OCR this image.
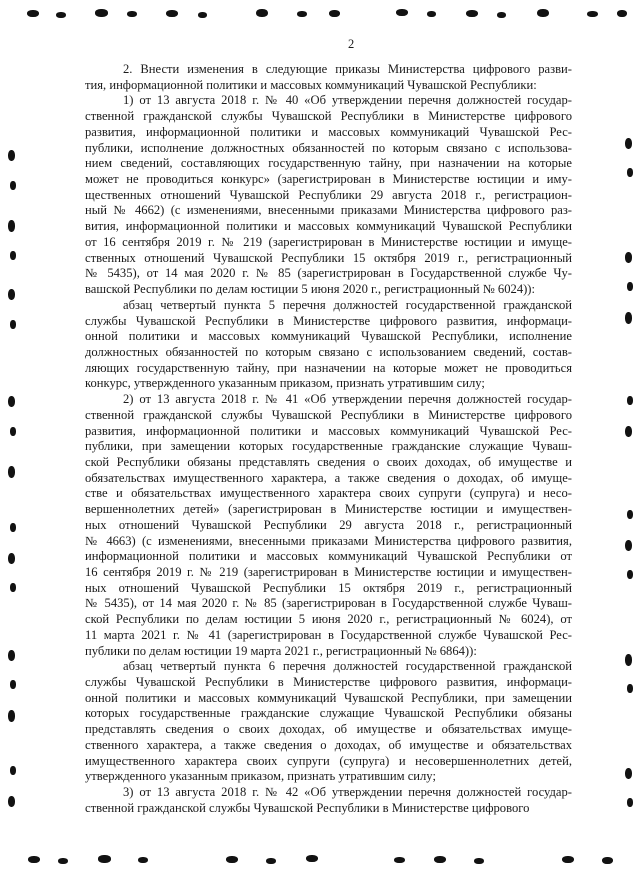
2
2. Внести изменения в следующие приказы Министерства цифрового разви-
тия, информационной политики и массовых коммуникаций Чувашской Республики:
1) от 13 августа 2018 г. № 40 «Об утверждении перечня должностей государ-
ственной гражданской службы Чувашской Республики в Министерстве цифрового
развития, информационной политики и массовых коммуникаций Чувашской Рес-
публики, исполнение должностных обязанностей по которым связано с использова-
нием сведений, составляющих государственную тайну, при назначении на которые
может не проводиться конкурс» (зарегистрирован в Министерстве юстиции и иму-
щественных отношений Чувашской Республики 29 августа 2018 г., регистрацион-
ный № 4662) (с изменениями, внесенными приказами Министерства цифрового раз-
вития, информационной политики и массовых коммуникаций Чувашской Республики
от 16 сентября 2019 г. № 219 (зарегистрирован в Министерстве юстиции и имуще-
ственных отношений Чувашской Республики 15 октября 2019 г., регистрационный
№ 5435), от 14 мая 2020 г. № 85 (зарегистрирован в Государственной службе Чу-
вашской Республики по делам юстиции 5 июня 2020 г., регистрационный № 6024)):
абзац четвертый пункта 5 перечня должностей государственной гражданской
службы Чувашской Республики в Министерстве цифрового развития, информаци-
онной политики и массовых коммуникаций Чувашской Республики, исполнение
должностных обязанностей по которым связано с использованием сведений, состав-
ляющих государственную тайну, при назначении на которые может не проводиться
конкурс, утвержденного указанным приказом, признать утратившим силу;
2) от 13 августа 2018 г. № 41 «Об утверждении перечня должностей государ-
ственной гражданской службы Чувашской Республики в Министерстве цифрового
развития, информационной политики и массовых коммуникаций Чувашской Рес-
публики, при замещении которых государственные гражданские служащие Чуваш-
ской Республики обязаны представлять сведения о своих доходах, об имуществе и
обязательствах имущественного характера, а также сведения о доходах, об имуще-
стве и обязательствах имущественного характера своих супруги (супруга) и несо-
вершеннолетних детей» (зарегистрирован в Министерстве юстиции и имуществен-
ных отношений Чувашской Республики 29 августа 2018 г., регистрационный
№ 4663) (с изменениями, внесенными приказами Министерства цифрового развития,
информационной политики и массовых коммуникаций Чувашской Республики от
16 сентября 2019 г. № 219 (зарегистрирован в Министерстве юстиции и имуществен-
ных отношений Чувашской Республики 15 октября 2019 г., регистрационный
№ 5435), от 14 мая 2020 г. № 85 (зарегистрирован в Государственной службе Чуваш-
ской Республики по делам юстиции 5 июня 2020 г., регистрационный № 6024), от
11 марта 2021 г. № 41 (зарегистрирован в Государственной службе Чувашской Рес-
публики по делам юстиции 19 марта 2021 г., регистрационный № 6864)):
абзац четвертый пункта 6 перечня должностей государственной гражданской
службы Чувашской Республики в Министерстве цифрового развития, информаци-
онной политики и массовых коммуникаций Чувашской Республики, при замещении
которых государственные гражданские служащие Чувашской Республики обязаны
представлять сведения о своих доходах, об имуществе и обязательствах имуще-
ственного характера, а также сведения о доходах, об имуществе и обязательствах
имущественного характера своих супруги (супруга) и несовершеннолетних детей,
утвержденного указанным приказом, признать утратившим силу;
3) от 13 августа 2018 г. № 42 «Об утверждении перечня должностей государ-
ственной гражданской службы Чувашской Республики в Министерстве цифрового
